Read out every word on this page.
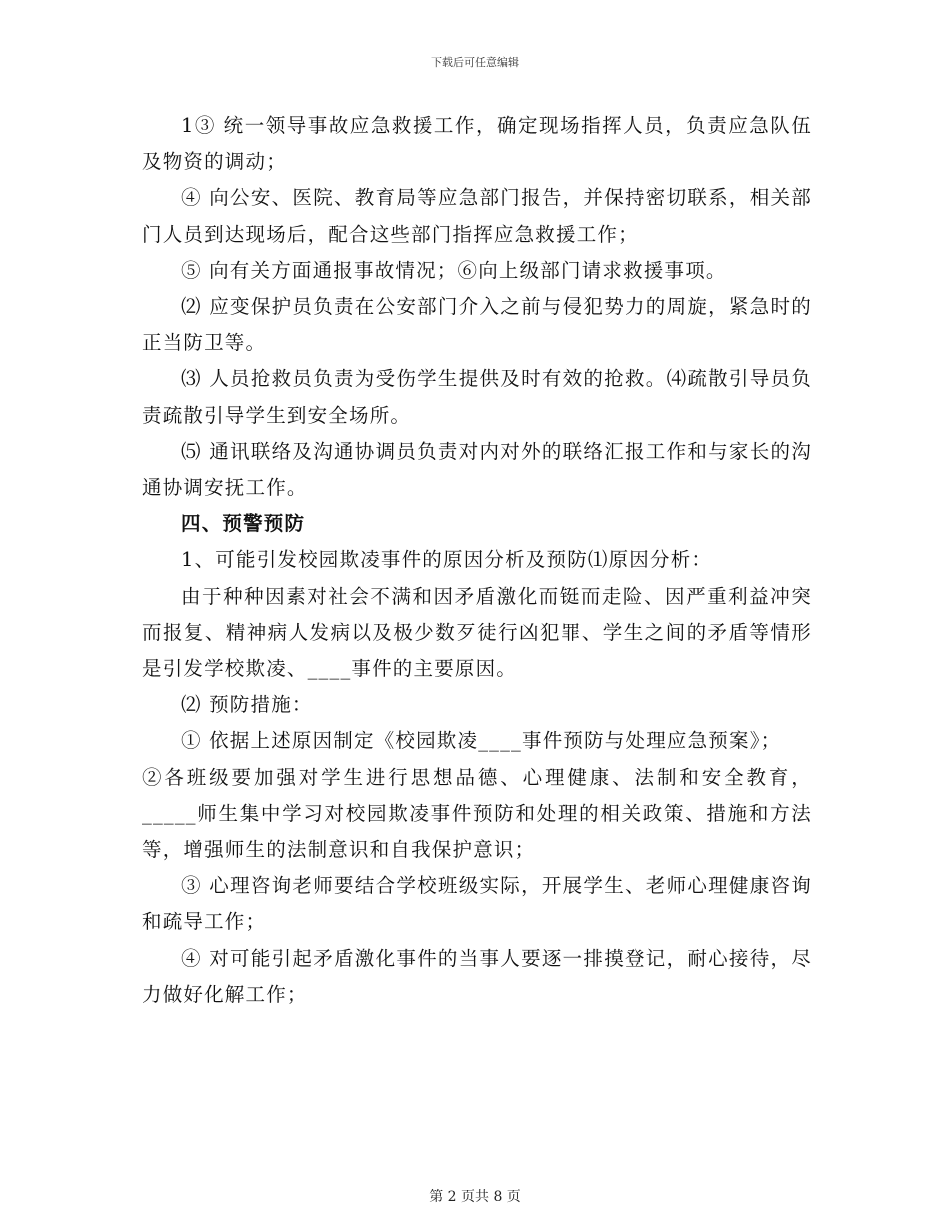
下载后可任意编辑

1③ 统一领导事故应急救援工作，确定现场指挥人员，负责应急队伍及物资的调动；

④ 向公安、医院、教育局等应急部门报告，并保持密切联系，相关部门人员到达现场后，配合这些部门指挥应急救援工作；

⑤ 向有关方面通报事故情况；⑥向上级部门请求救援事项。

⑵ 应变保护员负责在公安部门介入之前与侵犯势力的周旋，紧急时的正当防卫等。

⑶ 人员抢救员负责为受伤学生提供及时有效的抢救。⑷疏散引导员负责疏散引导学生到安全场所。

⑸ 通讯联络及沟通协调员负责对内对外的联络汇报工作和与家长的沟通协调安抚工作。

四、预警预防

1、可能引发校园欺凌事件的原因分析及预防⑴原因分析：

由于种种因素对社会不满和因矛盾激化而铤而走险、因严重利益冲突而报复、精神病人发病以及极少数歹徒行凶犯罪、学生之间的矛盾等情形是引发学校欺凌、____事件的主要原因。

⑵ 预防措施：

① 依据上述原因制定《校园欺凌____事件预防与处理应急预案》；

②各班级要加强对学生进行思想品德、心理健康、法制和安全教育，_____师生集中学习对校园欺凌事件预防和处理的相关政策、措施和方法等，增强师生的法制意识和自我保护意识；

③ 心理咨询老师要结合学校班级实际，开展学生、老师心理健康咨询和疏导工作；

④ 对可能引起矛盾激化事件的当事人要逐一排摸登记，耐心接待，尽力做好化解工作；

第 2 页共 8 页
